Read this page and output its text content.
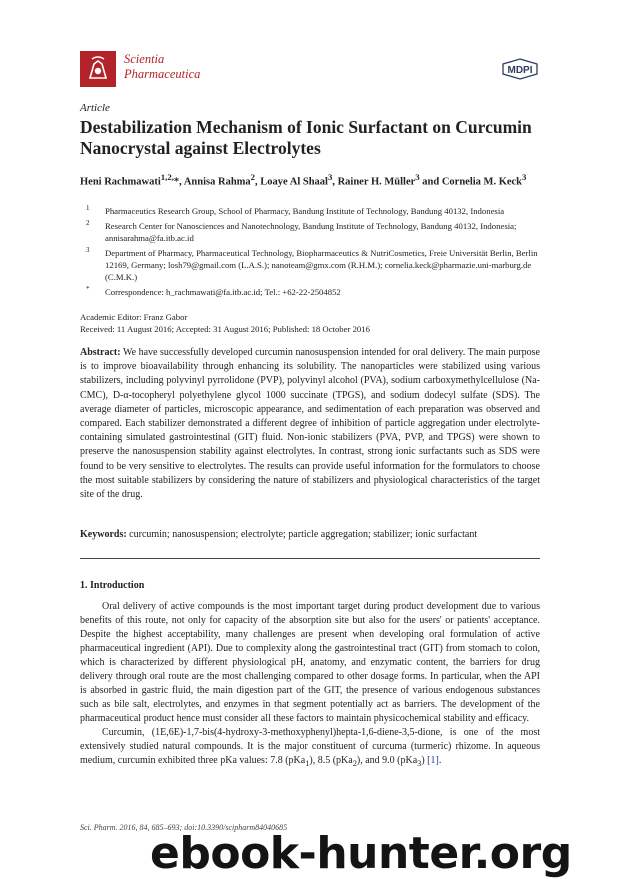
Scientia
Pharmaceutica	MDPI
Article
Destabilization Mechanism of Ionic Surfactant on Curcumin Nanocrystal against Electrolytes
Heni Rachmawati$^{1,2,}$*, Annisa Rahma$^2$, Loaye Al Shaal$^3$, Rainer H. Müller$^3$ and Cornelia M. Keck$^3$
1 Pharmaceutics Research Group, School of Pharmacy, Bandung Institute of Technology, Bandung 40132, Indonesia
2 Research Center for Nanosciences and Nanotechnology, Bandung Institute of Technology, Bandung 40132, Indonesia; annisarahma@fa.itb.ac.id
3 Department of Pharmacy, Pharmaceutical Technology, Biopharmaceutics & NutriCosmetics, Freie Universität Berlin, Berlin 12169, Germany; losh79@gmail.com (L.A.S.); nanoteam@gmx.com (R.H.M.); cornelia.keck@pharmazie.uni-marburg.de (C.M.K.)
* Correspondence: h_rachmawati@fa.itb.ac.id; Tel.: +62-22-2504852
Academic Editor: Franz Gabor
Received: 11 August 2016; Accepted: 31 August 2016; Published: 18 October 2016

Abstract: We have successfully developed curcumin nanosuspension intended for oral delivery. The main purpose is to improve bioavailability through enhancing its solubility. The nanoparticles were stabilized using various stabilizers, including polyvinyl pyrrolidone (PVP), polyvinyl alcohol (PVA), sodium carboxymethylcellulose (Na-CMC), D-α-tocopheryl polyethylene glycol 1000 succinate (TPGS), and sodium dodecyl sulfate (SDS). The average diameter of particles, microscopic appearance, and sedimentation of each preparation was observed and compared. Each stabilizer demonstrated a different degree of inhibition of particle aggregation under electrolyte-containing simulated gastrointestinal (GIT) fluid. Non-ionic stabilizers (PVA, PVP, and TPGS) were shown to preserve the nanosuspension stability against electrolytes. In contrast, strong ionic surfactants such as SDS were found to be very sensitive to electrolytes. The results can provide useful information for the formulators to choose the most suitable stabilizers by considering the nature of stabilizers and physiological characteristics of the target site of the drug.

Keywords: curcumin; nanosuspension; electrolyte; particle aggregation; stabilizer; ionic surfactant

1. Introduction

Oral delivery of active compounds is the most important target during product development due to various benefits of this route, not only for capacity of the absorption site but also for the users' or patients' acceptance. Despite the highest acceptability, many challenges are present when developing oral formulation of active pharmaceutical ingredient (API). Due to complexity along the gastrointestinal tract (GIT) from stomach to colon, which is characterized by different physiological pH, anatomy, and enzymatic content, the barriers for drug delivery through oral route are the most challenging compared to other dosage forms. In particular, when the API is absorbed in gastric fluid, the main digestion part of the GIT, the presence of various endogenous substances such as bile salt, electrolytes, and enzymes in that segment potentially act as barriers. The development of the pharmaceutical product hence must consider all these factors to maintain physicochemical stability and efficacy.

Curcumin, (1E,6E)-1,7-bis(4-hydroxy-3-methoxyphenyl)hepta-1,6-diene-3,5-dione, is one of the most extensively studied natural compounds. It is the major constituent of curcuma (turmeric) rhizome. In aqueous medium, curcumin exhibited three pKa values: 7.8 (pKa$_1$), 8.5 (pKa$_2$), and 9.0 (pKa$_3$) [1].

Sci. Pharm. 2016, 84, 685–693; doi:10.3390/scipharm84040685
ebook-hunter.org
